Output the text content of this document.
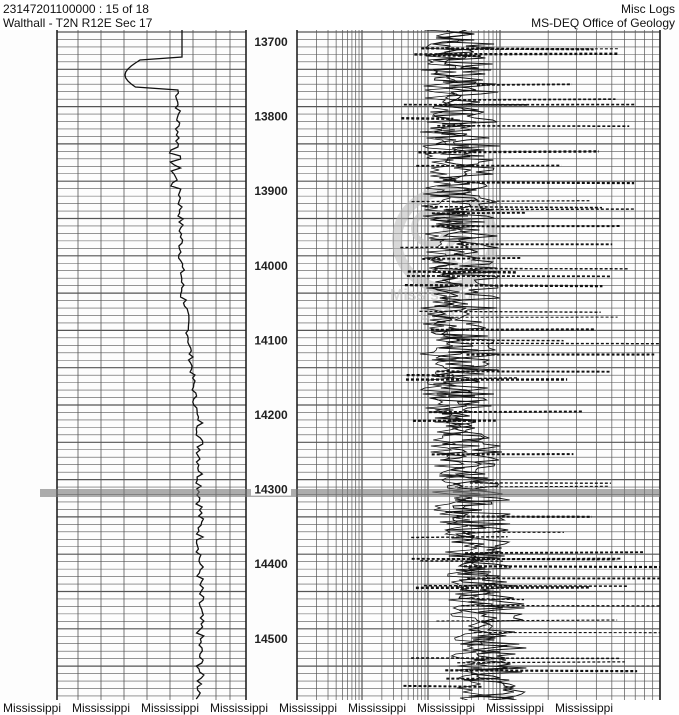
23147201100000 : 15 of 18
Walthall - T2N R12E Sec 17
Misc Logs
MS-DEQ Office of Geology
Mississippi
DEQ
13700
13800
13900
14000
14100
14200
14300
14400
14500
Mississippi Mississippi Mississippi Mississippi Mississippi Mississippi Mississippi Mississippi Mississippi
